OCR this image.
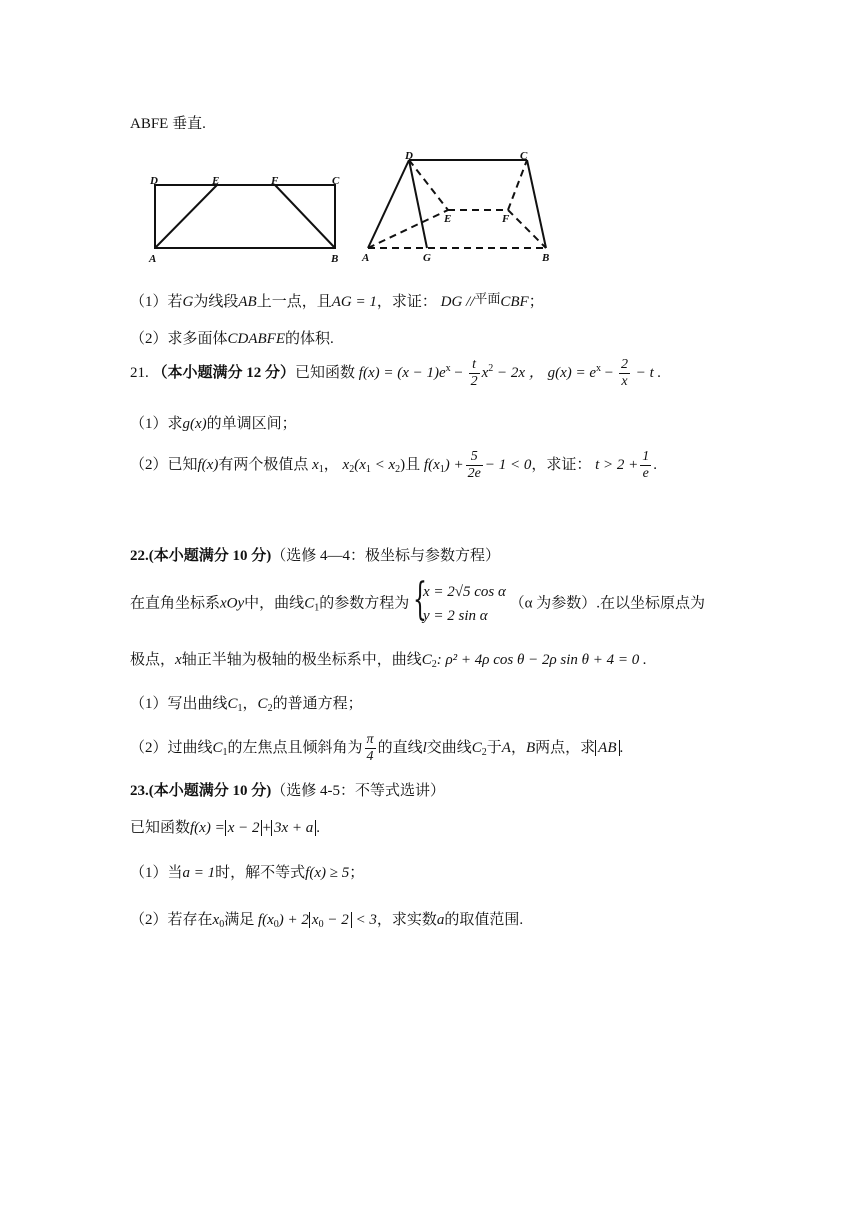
ABFE 垂直.
D	E	F	C
A	B
D	C
E	F
A	G	B
（1）若G为线段AB上一点，且AG = 1，求证： DG //平面CBF；
（2）求多面体CDABFE的体积.
21. （本小题满分 12 分）已知函数 $f(x) = (x - 1)e^x - \frac{t}{2} x^2 - 2x$ ， $g(x) = e^x - \frac{2}{x} - t$ .
（1）求g(x)的单调区间；
（2）已知f(x)有两个极值点 $x_1$， $x_2(x_1 < x_2)$且 $f(x_1) + \frac{5}{2e} - 1 < 0$，求证： $t > 2 + \frac{1}{e}$ .
22.(本小题满分 10 分)（选修 4—4：极坐标与参数方程）
在直角坐标系xOy中，曲线$C_1$的参数方程为 {
x = 2√5 cos α
y = 2 sin α
（α 为参数）.在以坐标原点为
极点，x轴正半轴为极轴的极坐标系中，曲线$C_2$: ρ² + 4ρ cos θ − 2ρ sin θ + 4 = 0 .
（1）写出曲线$C_1$，$C_2$的普通方程；
（2）过曲线$C_1$的左焦点且倾斜角为 $\frac{\pi}{4}$ 的直线l交曲线$C_2$于A，B两点，求 AB .
23.(本小题满分 10 分)（选修 4-5：不等式选讲）
已知函数f(x) = x − 2 + 3x + a .
（1）当a = 1时，解不等式f(x) ≥ 5；
（2）若存在$x_0$满足 $f(x_0) + 2$ $x_0 - 2 < 3$，求实数a的取值范围.
